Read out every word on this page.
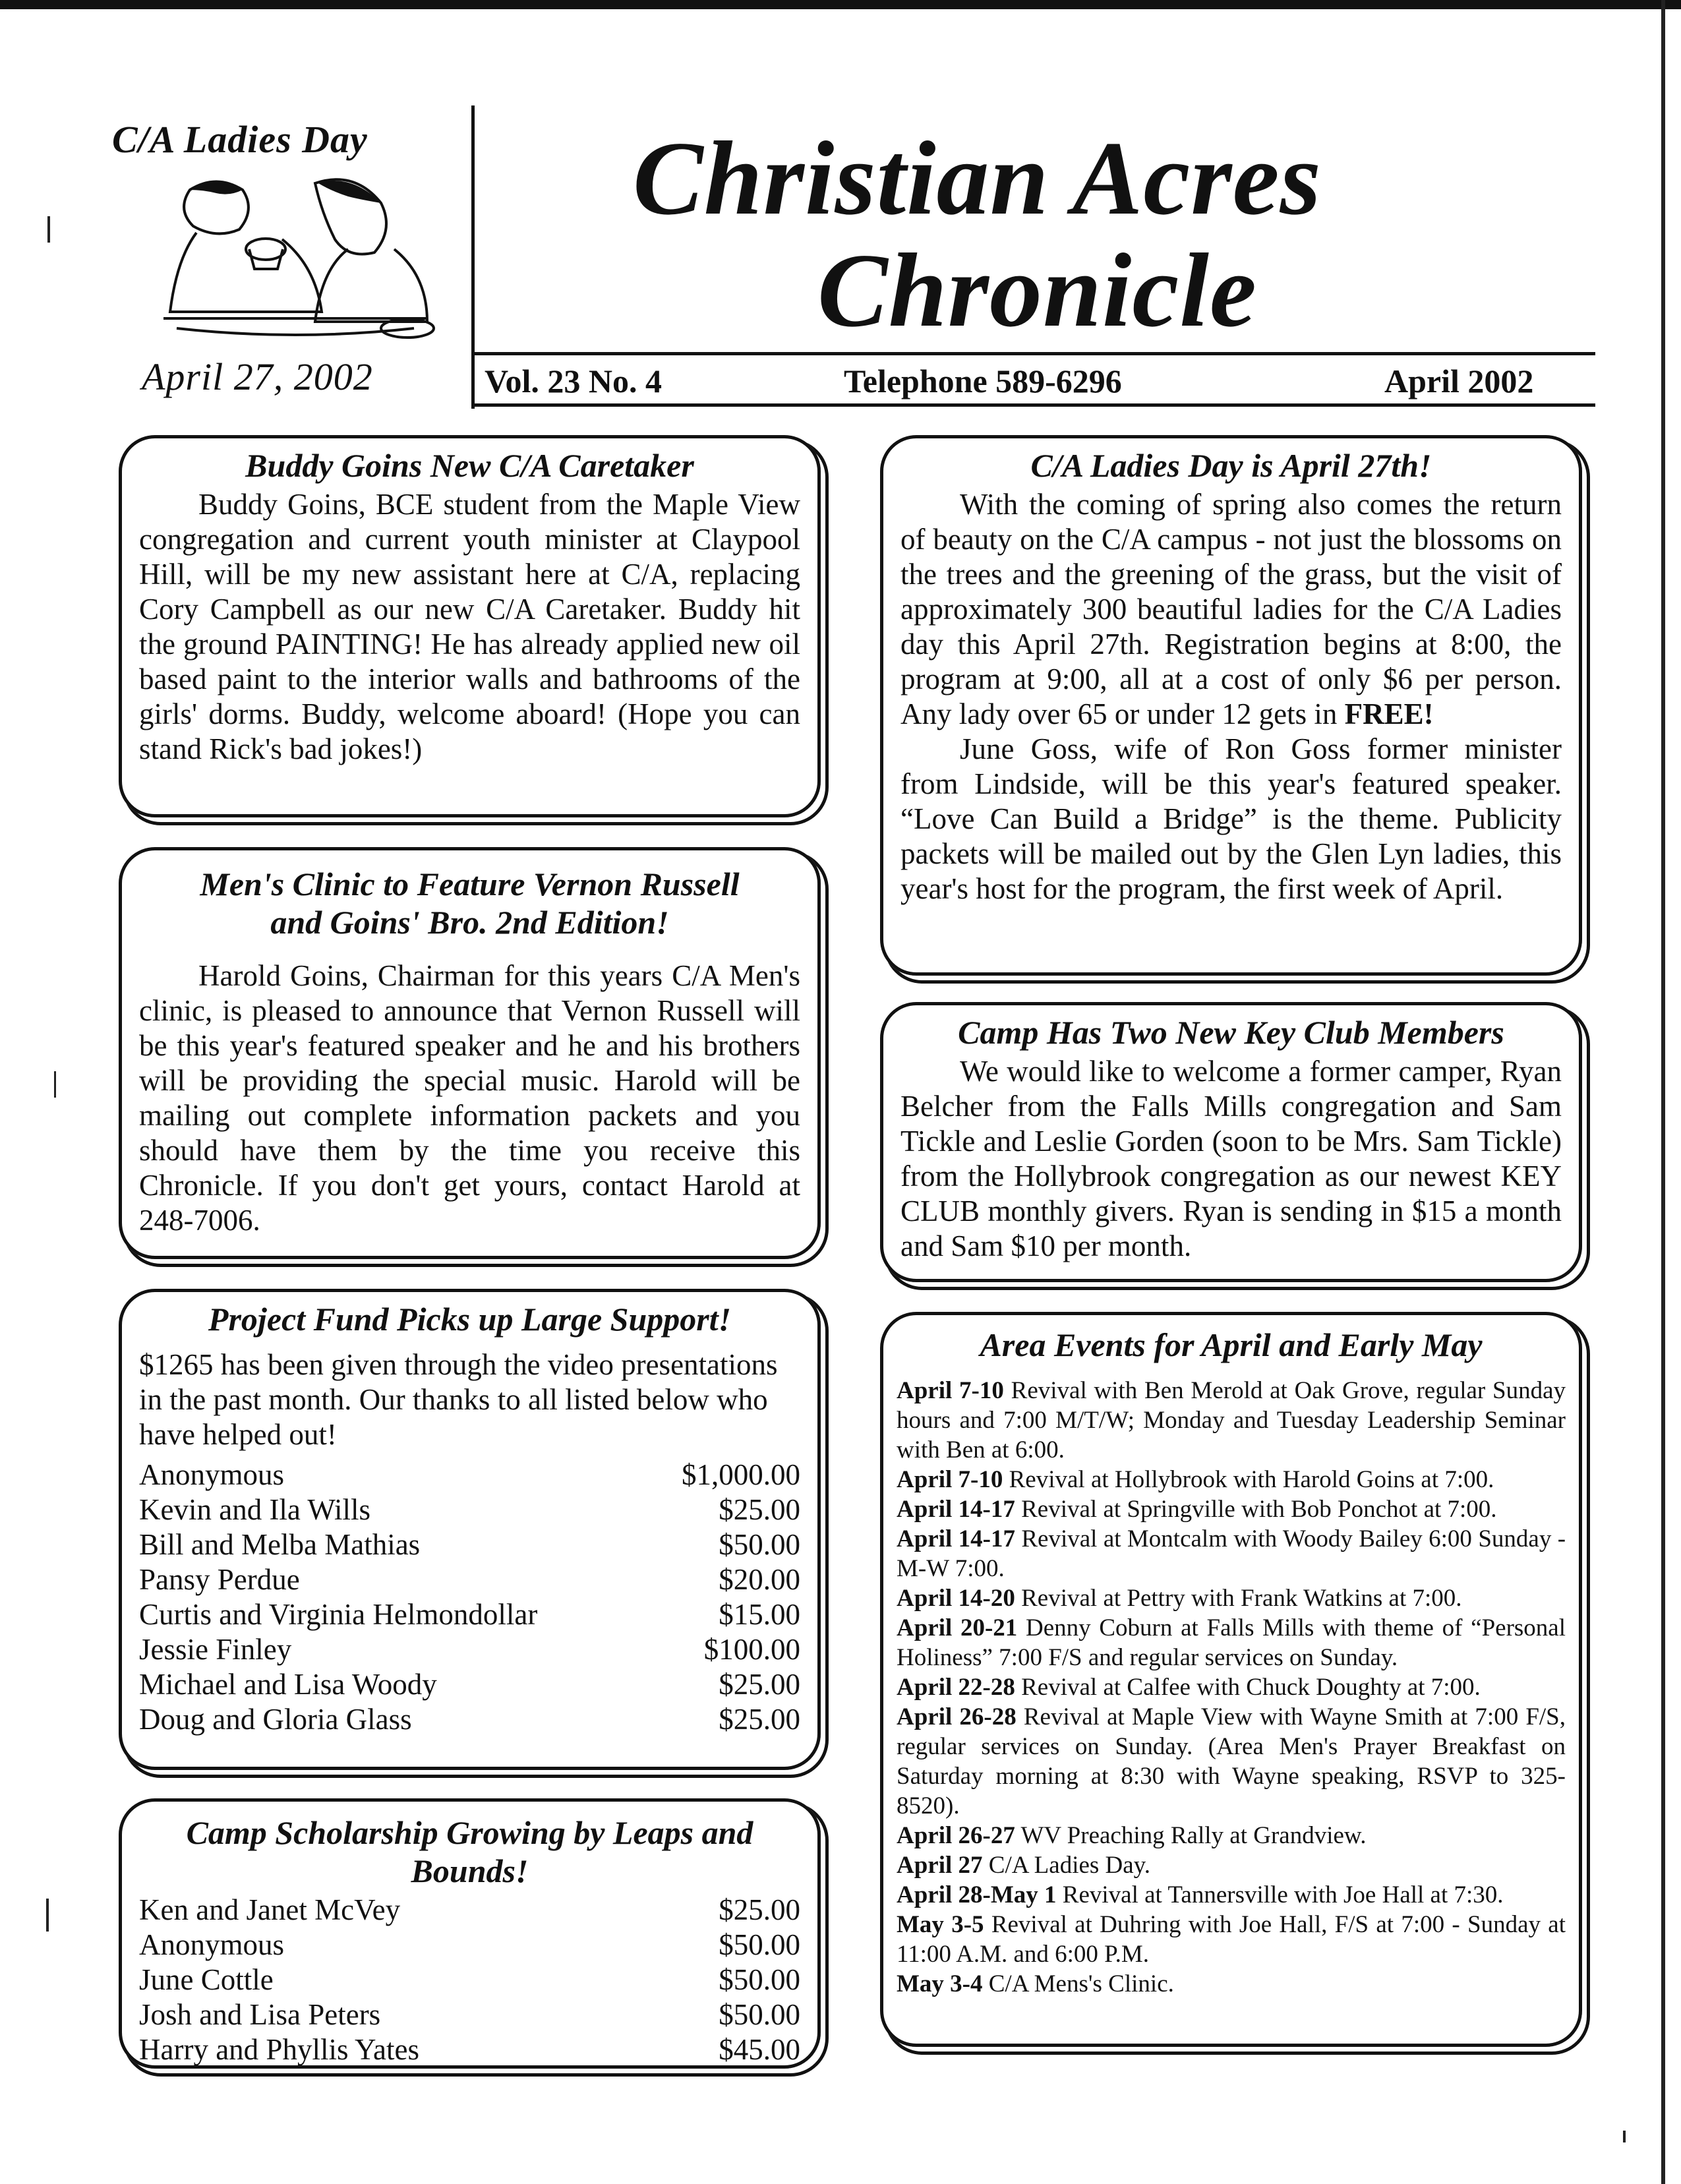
C/A Ladies Day
April 27, 2002
Christian Acres
Chronicle
Vol. 23 No. 4	Telephone 589-6296	April 2002
Buddy Goins New C/A Caretaker

Buddy Goins, BCE student from the Maple View congregation and current youth minister at Claypool Hill, will be my new assistant here at C/A, replacing Cory Campbell as our new C/A Caretaker. Buddy hit the ground PAINTING! He has already applied new oil based paint to the interior walls and bathrooms of the girls' dorms. Buddy, welcome aboard! (Hope you can stand Rick's bad jokes!)

Men's Clinic to Feature Vernon Russell
and Goins' Bro. 2nd Edition!

Harold Goins, Chairman for this years C/A Men's clinic, is pleased to announce that Vernon Russell will be this year's featured speaker and he and his brothers will be providing the special music. Harold will be mailing out complete information packets and you should have them by the time you receive this Chronicle. If you don't get yours, contact Harold at 248-7006.

Project Fund Picks up Large Support!

$1265 has been given through the video presentations in the past month. Our thanks to all listed below who have helped out!

Anonymous	$1,000.00
Kevin and Ila Wills	$25.00
Bill and Melba Mathias	$50.00
Pansy Perdue	$20.00
Curtis and Virginia Helmondollar	$15.00
Jessie Finley	$100.00
Michael and Lisa Woody	$25.00
Doug and Gloria Glass	$25.00
Camp Scholarship Growing by Leaps and
Bounds!
Ken and Janet McVey	$25.00
Anonymous	$50.00
June Cottle	$50.00
Josh and Lisa Peters	$50.00
Harry and Phyllis Yates	$45.00
C/A Ladies Day is April 27th!

With the coming of spring also comes the return of beauty on the C/A campus - not just the blossoms on the trees and the greening of the grass, but the visit of approximately 300 beautiful ladies for the C/A Ladies day this April 27th. Registration begins at 8:00, the program at 9:00, all at a cost of only $6 per person. Any lady over 65 or under 12 gets in FREE!

June Goss, wife of Ron Goss former minister from Lindside, will be this year's featured speaker. “Love Can Build a Bridge” is the theme. Publicity packets will be mailed out by the Glen Lyn ladies, this year's host for the program, the first week of April.

Camp Has Two New Key Club Members

We would like to welcome a former camper, Ryan Belcher from the Falls Mills congregation and Sam Tickle and Leslie Gorden (soon to be Mrs. Sam Tickle) from the Hollybrook congregation as our newest KEY CLUB monthly givers. Ryan is sending in $15 a month and Sam $10 per month.

Area Events for April and Early May
April 7-10 Revival with Ben Merold at Oak Grove, regular Sunday hours and 7:00 M/T/W; Monday and Tuesday Leadership Seminar with Ben at 6:00.
April 7-10 Revival at Hollybrook with Harold Goins at 7:00.
April 14-17 Revival at Springville with Bob Ponchot at 7:00.
April 14-17 Revival at Montcalm with Woody Bailey 6:00 Sunday - M-W 7:00.
April 14-20 Revival at Pettry with Frank Watkins at 7:00.
April 20-21 Denny Coburn at Falls Mills with theme of “Personal Holiness” 7:00 F/S and regular services on Sunday.
April 22-28 Revival at Calfee with Chuck Doughty at 7:00.
April 26-28 Revival at Maple View with Wayne Smith at 7:00 F/S, regular services on Sunday. (Area Men's Prayer Breakfast on Saturday morning at 8:30 with Wayne speaking, RSVP to 325-8520).
April 26-27 WV Preaching Rally at Grandview.
April 27 C/A Ladies Day.
April 28-May 1 Revival at Tannersville with Joe Hall at 7:30.
May 3-5 Revival at Duhring with Joe Hall, F/S at 7:00 - Sunday at 11:00 A.M. and 6:00 P.M.
May 3-4 C/A Mens's Clinic.
